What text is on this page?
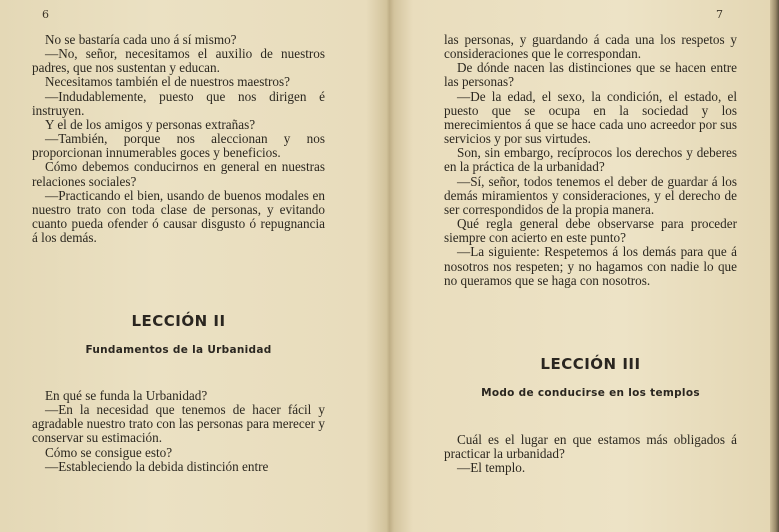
6

No se bastaría cada uno á sí mismo?

—No, señor, necesitamos el auxilio de nuestros padres, que nos sustentan y educan.

Necesitamos también el de nuestros maestros?

—Indudablemente, puesto que nos dirigen é instruyen.

Y el de los amigos y personas extrañas?

—También, porque nos aleccionan y nos proporcionan innumerables goces y beneficios.

Cómo debemos conducirnos en general en nuestras relaciones sociales?

—Practicando el bien, usando de buenos modales en nuestro trato con toda clase de personas, y evitando cuanto pueda ofender ó causar disgusto ó repugnancia á los demás.

LECCIÓN II
Fundamentos de la Urbanidad

En qué se funda la Urbanidad?

—En la necesidad que tenemos de hacer fácil y agradable nuestro trato con las personas para merecer y conservar su estimación.

Cómo se consigue esto?

—Estableciendo la debida distinción entre

7

las personas, y guardando á cada una los respetos y consideraciones que le correspondan.

De dónde nacen las distinciones que se hacen entre las personas?

—De la edad, el sexo, la condición, el estado, el puesto que se ocupa en la sociedad y los merecimientos á que se hace cada uno acreedor por sus servicios y por sus virtudes.

Son, sin embargo, recíprocos los derechos y deberes en la práctica de la urbanidad?

—Sí, señor, todos tenemos el deber de guardar á los demás miramientos y consideraciones, y el derecho de ser correspondidos de la propia manera.

Qué regla general debe observarse para proceder siempre con acierto en este punto?

—La siguiente: Respetemos á los demás para que á nosotros nos respeten; y no hagamos con nadie lo que no queramos que se haga con nosotros.

LECCIÓN III
Modo de conducirse en los templos

Cuál es el lugar en que estamos más obligados á practicar la urbanidad?

—El templo.
